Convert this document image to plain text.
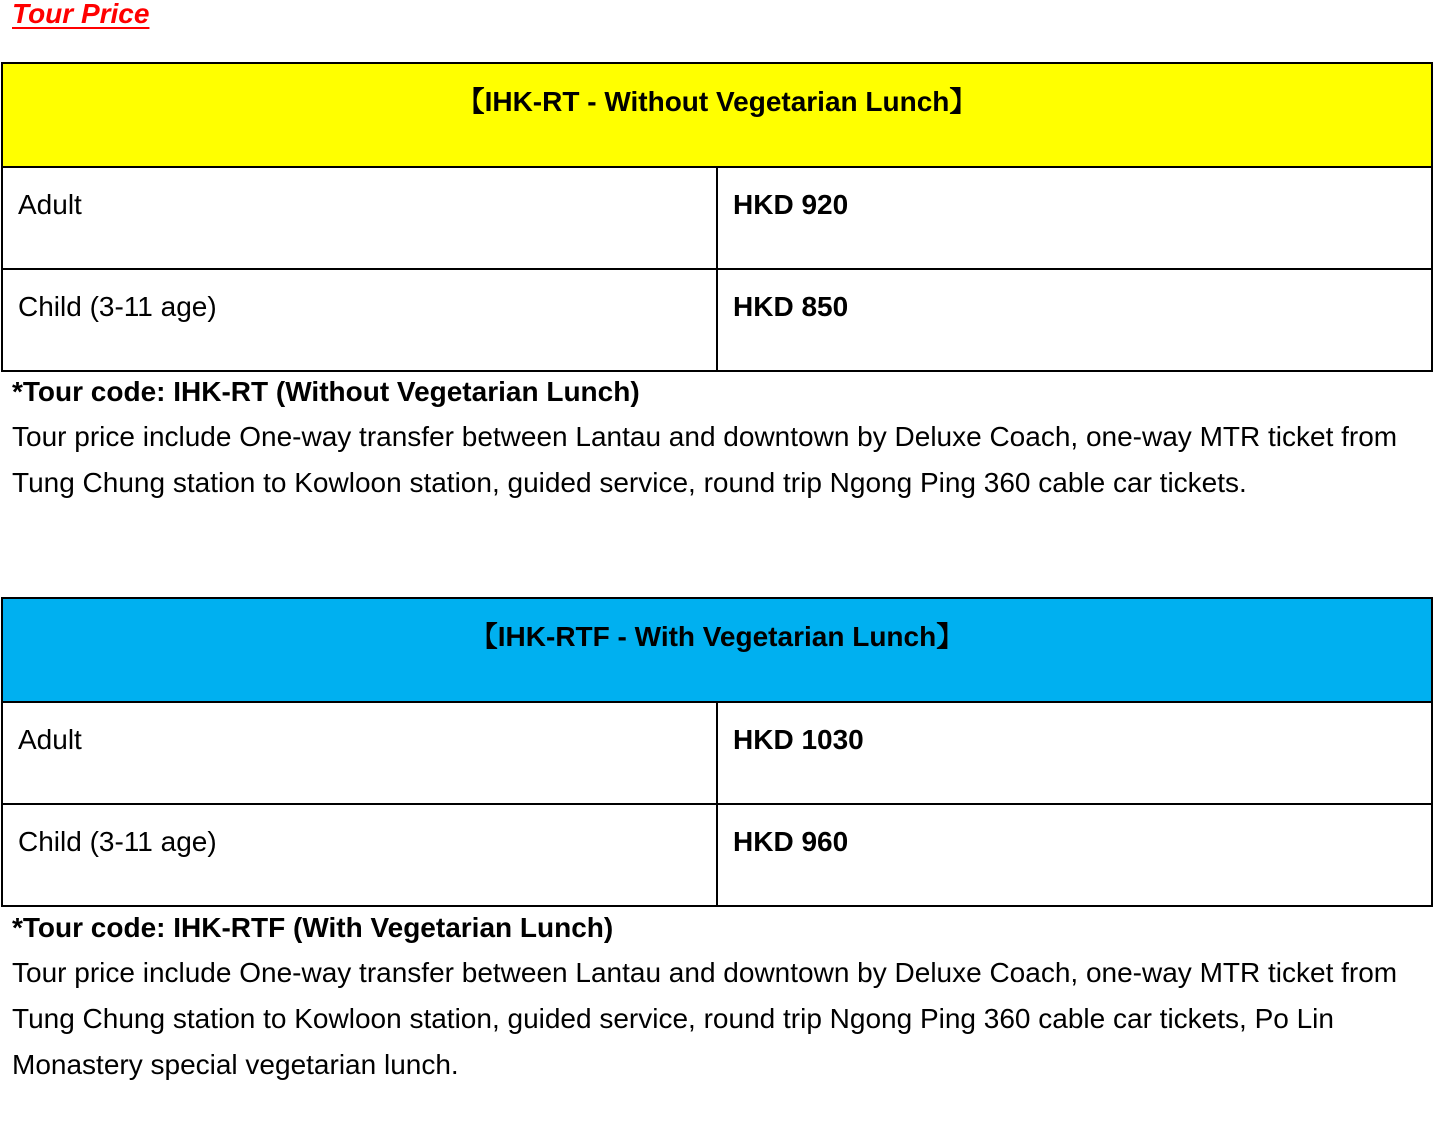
Tour Price
【IHK-RT - Without Vegetarian Lunch】	

Adult	HKD 920

Child (3-11 age)	HKD 850
*Tour code: IHK-RT (Without Vegetarian Lunch)

Tour price include One-way transfer between Lantau and downtown by Deluxe Coach, one-way MTR ticket from Tung Chung station to Kowloon station, guided service, round trip Ngong Ping 360 cable car tickets.

【IHK-RTF - With Vegetarian Lunch】	

Adult	HKD 1030

Child (3-11 age)	HKD 960
*Tour code: IHK-RTF (With Vegetarian Lunch)

Tour price include One-way transfer between Lantau and downtown by Deluxe Coach, one-way MTR ticket from Tung Chung station to Kowloon station, guided service, round trip Ngong Ping 360 cable car tickets, Po Lin Monastery special vegetarian lunch.
